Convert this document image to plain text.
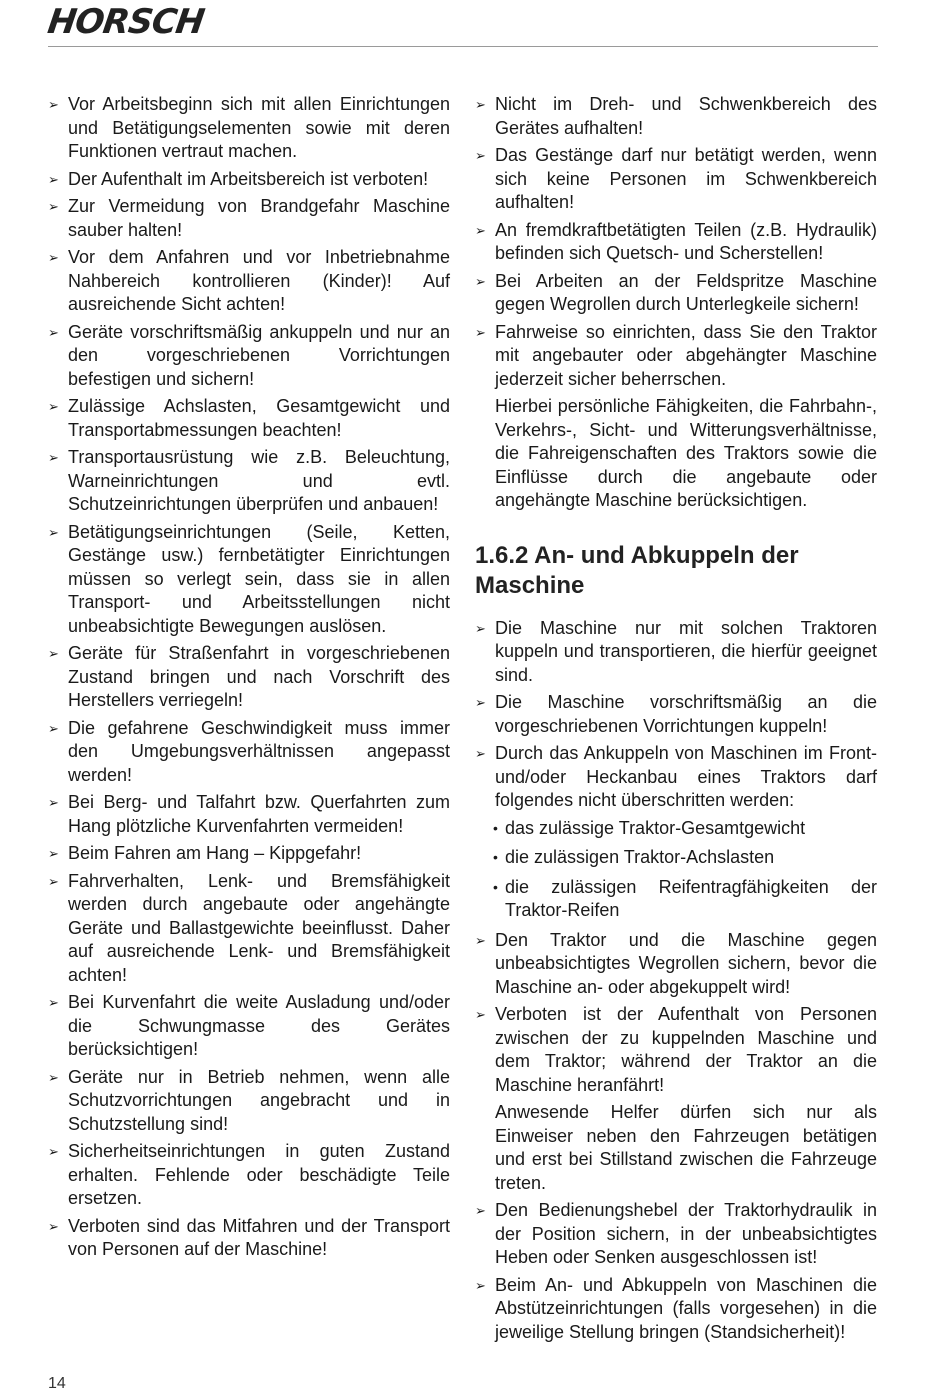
HORSCH
➢ Vor Arbeitsbeginn sich mit allen Einrichtungen und Betätigungselementen sowie mit deren Funktionen vertraut machen.
➢ Der Aufenthalt im Arbeitsbereich ist verboten!
➢ Zur Vermeidung von Brandgefahr Maschine sauber halten!
➢ Vor dem Anfahren und vor Inbetriebnahme Nahbereich kontrollieren (Kinder)! Auf ausreichende Sicht achten!
➢ Geräte vorschriftsmäßig ankuppeln und nur an den vorgeschriebenen Vorrichtungen befestigen und sichern!
➢ Zulässige Achslasten, Gesamtgewicht und Transportabmessungen beachten!
➢ Transportausrüstung wie z.B. Beleuchtung, Warneinrichtungen und evtl. Schutzeinrichtungen überprüfen und anbauen!
➢ Betätigungseinrichtungen (Seile, Ketten, Gestänge usw.) fernbetätigter Einrichtungen müssen so verlegt sein, dass sie in allen Transport- und Arbeitsstellungen nicht unbeabsichtigte Bewegungen auslösen.
➢ Geräte für Straßenfahrt in vorgeschriebenen Zustand bringen und nach Vorschrift des Herstellers verriegeln!
➢ Die gefahrene Geschwindigkeit muss immer den Umgebungsverhältnissen angepasst werden!
➢ Bei Berg- und Talfahrt bzw. Querfahrten zum Hang plötzliche Kurvenfahrten vermeiden!
➢ Beim Fahren am Hang – Kippgefahr!
➢ Fahrverhalten, Lenk- und Bremsfähigkeit werden durch angebaute oder angehängte Geräte und Ballastgewichte beeinflusst. Daher auf ausreichende Lenk- und Bremsfähigkeit achten!
➢ Bei Kurvenfahrt die weite Ausladung und/oder die Schwungmasse des Gerätes berücksichtigen!
➢ Geräte nur in Betrieb nehmen, wenn alle Schutzvorrichtungen angebracht und in Schutzstellung sind!
➢ Sicherheitseinrichtungen in guten Zustand erhalten. Fehlende oder beschädigte Teile ersetzen.
➢ Verboten sind das Mitfahren und der Transport von Personen auf der Maschine!
➢ Nicht im Dreh- und Schwenkbereich des Gerätes aufhalten!
➢ Das Gestänge darf nur betätigt werden, wenn sich keine Personen im Schwenkbereich aufhalten!
➢ An fremdkraftbetätigten Teilen (z.B. Hydraulik) befinden sich Quetsch- und Scherstellen!
➢ Bei Arbeiten an der Feldspritze Maschine gegen Wegrollen durch Unterlegkeile sichern!
➢ Fahrweise so einrichten, dass Sie den Traktor mit angebauter oder abgehängter Maschine jederzeit sicher beherrschen.
Hierbei persönliche Fähigkeiten, die Fahrbahn-, Verkehrs-, Sicht- und Witterungsverhältnisse, die Fahreigenschaften des Traktors sowie die Einflüsse durch die angebaute oder angehängte Maschine berücksichtigen.
1.6.2 An- und Abkuppeln der Maschine
➢ Die Maschine nur mit solchen Traktoren kuppeln und transportieren, die hierfür geeignet sind.
➢ Die Maschine vorschriftsmäßig an die vorgeschriebenen Vorrichtungen kuppeln!
➢ Durch das Ankuppeln von Maschinen im Front- und/oder Heckanbau eines Traktors darf folgendes nicht überschritten werden:
• das zulässige Traktor-Gesamtgewicht
• die zulässigen Traktor-Achslasten
• die zulässigen Reifentragfähigkeiten der Traktor-Reifen
➢ Den Traktor und die Maschine gegen unbeabsichtigtes Wegrollen sichern, bevor die Maschine an- oder abgekuppelt wird!
➢ Verboten ist der Aufenthalt von Personen zwischen der zu kuppelnden Maschine und dem Traktor; während der Traktor an die Maschine heranfährt!
Anwesende Helfer dürfen sich nur als Einweiser neben den Fahrzeugen betätigen und erst bei Stillstand zwischen die Fahrzeuge treten.
➢ Den Bedienungshebel der Traktorhydraulik in der Position sichern, in der unbeabsichtigtes Heben oder Senken ausgeschlossen ist!
➢ Beim An- und Abkuppeln von Maschinen die Abstützeinrichtungen (falls vorgesehen) in die jeweilige Stellung bringen (Standsicherheit)!
14
